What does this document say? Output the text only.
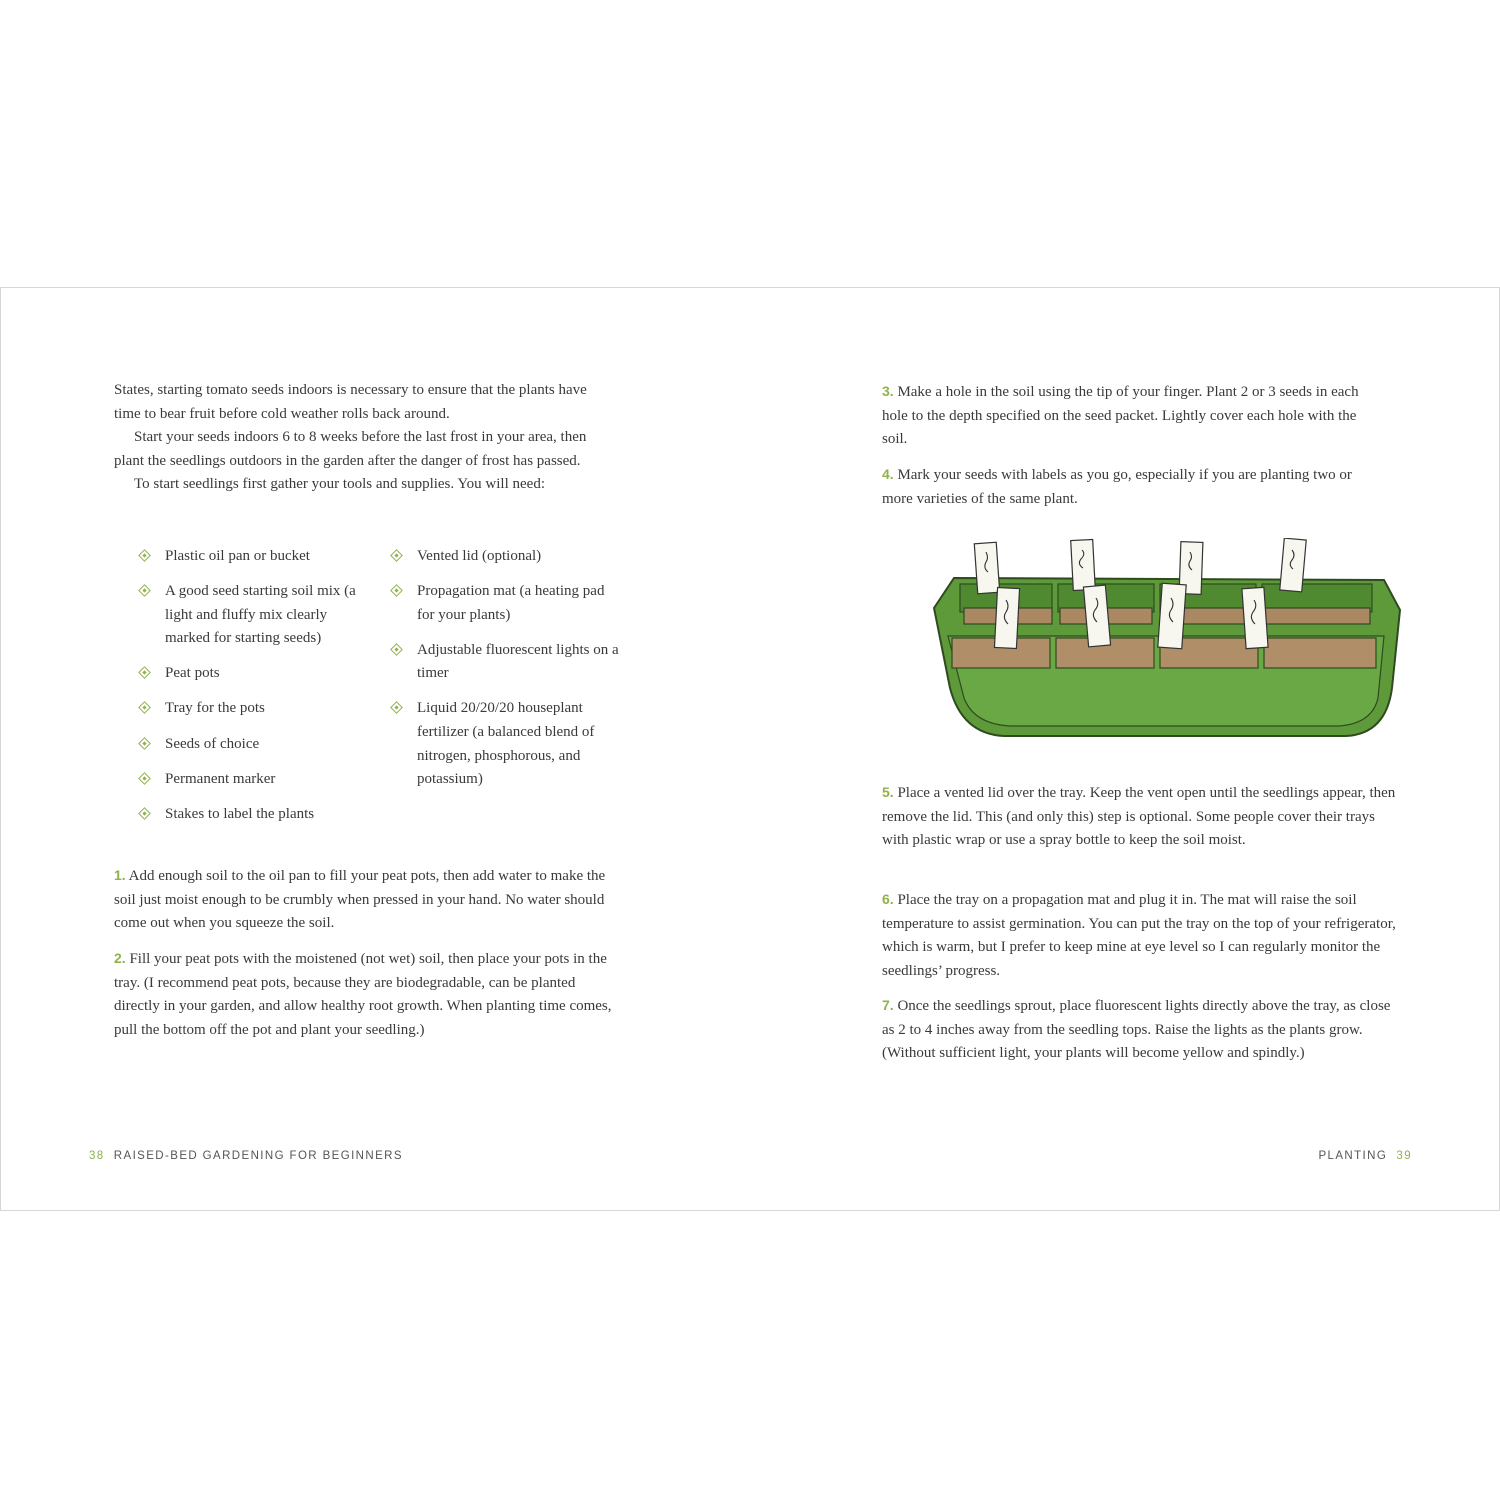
States, starting tomato seeds indoors is necessary to ensure that the plants have time to bear fruit before cold weather rolls back around.

Start your seeds indoors 6 to 8 weeks before the last frost in your area, then plant the seedlings outdoors in the garden after the danger of frost has passed.

To start seedlings first gather your tools and supplies. You will need:

Plastic oil pan or bucket
A good seed starting soil mix (a light and fluffy mix clearly marked for starting seeds)
Peat pots
Tray for the pots
Seeds of choice
Permanent marker
Stakes to label the plants
Vented lid (optional)
Propagation mat (a heating pad for your plants)
Adjustable fluorescent lights on a timer
Liquid 20/20/20 houseplant fertilizer (a balanced blend of nitrogen, phosphorous, and potassium)
1. Add enough soil to the oil pan to fill your peat pots, then add water to make the soil just moist enough to be crumbly when pressed in your hand. No water should come out when you squeeze the soil.
2. Fill your peat pots with the moistened (not wet) soil, then place your pots in the tray. (I recommend peat pots, because they are biodegradable, can be planted directly in your garden, and allow healthy root growth. When planting time comes, pull the bottom off the pot and plant your seedling.)
38 RAISED-BED GARDENING FOR BEGINNERS
3. Make a hole in the soil using the tip of your finger. Plant 2 or 3 seeds in each hole to the depth specified on the seed packet. Lightly cover each hole with the soil.
4. Mark your seeds with labels as you go, especially if you are planting two or more varieties of the same plant.
5. Place a vented lid over the tray. Keep the vent open until the seedlings appear, then remove the lid. This (and only this) step is optional. Some people cover their trays with plastic wrap or use a spray bottle to keep the soil moist.
6. Place the tray on a propagation mat and plug it in. The mat will raise the soil temperature to assist germination. You can put the tray on the top of your refrigerator, which is warm, but I prefer to keep mine at eye level so I can regularly monitor the seedlings’ progress.
7. Once the seedlings sprout, place fluorescent lights directly above the tray, as close as 2 to 4 inches away from the seedling tops. Raise the lights as the plants grow. (Without sufficient light, your plants will become yellow and spindly.)
PLANTING 39
